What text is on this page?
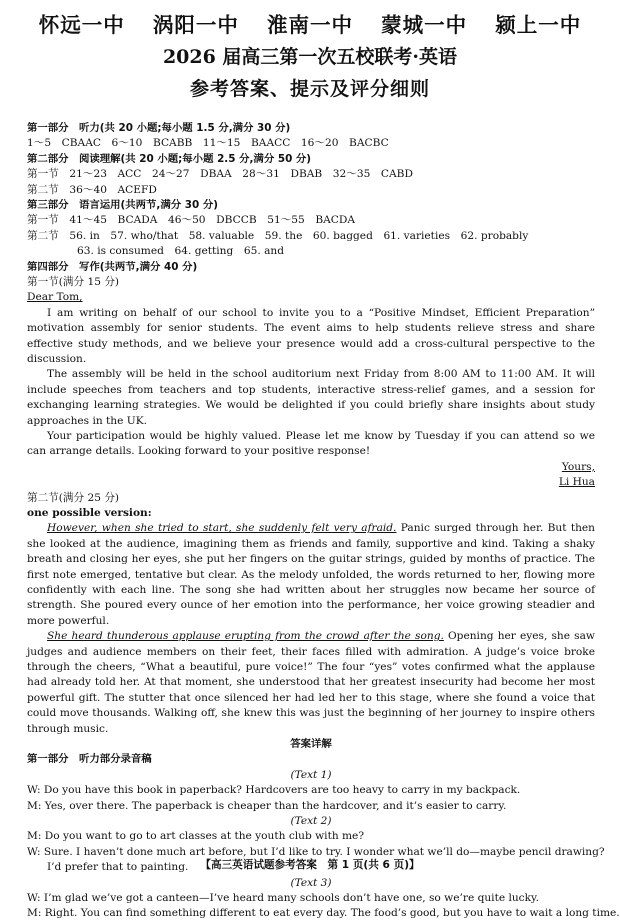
怀远一中 涡阳一中 淮南一中 蒙城一中 颍上一中
2026 届高三第一次五校联考·英语
参考答案、提示及评分细则
第一部分　听力(共 20 小题;每小题 1.5 分,满分 30 分)
1～5　CBAAC　6～10　BCABB　11～15　BAACC　16～20　BACBC
第二部分　阅读理解(共 20 小题;每小题 2.5 分,满分 50 分)
第一节　21～23　ACC　24～27　DBAA　28～31　DBAB　32～35　CABD
第二节　36～40　ACEFD
第三部分　语言运用(共两节,满分 30 分)
第一节　41～45　BCADA　46～50　DBCCB　51～55　BACDA
第二节　56. in　57. who/that　58. valuable　59. the　60. bagged　61. varieties　62. probably
63. is consumed　64. getting　65. and
第四部分　写作(共两节,满分 40 分)
第一节(满分 15 分)
Dear Tom,
I am writing on behalf of our school to invite you to a “Positive Mindset, Efficient Preparation” motivation assembly for senior students. The event aims to help students relieve stress and share effective study methods, and we believe your presence would add a cross-cultural perspective to the discussion.
The assembly will be held in the school auditorium next Friday from 8:00 AM to 11:00 AM. It will include speeches from teachers and top students, interactive stress-relief games, and a session for exchanging learning strategies. We would be delighted if you could briefly share insights about study approaches in the UK.
Your participation would be highly valued. Please let me know by Tuesday if you can attend so we can arrange details. Looking forward to your positive response!
Yours,
Li Hua
第二节(满分 25 分)
one possible version:
However, when she tried to start, she suddenly felt very afraid. Panic surged through her. But then she looked at the audience, imagining them as friends and family, supportive and kind. Taking a shaky breath and closing her eyes, she put her fingers on the guitar strings, guided by months of practice. The first note emerged, tentative but clear. As the melody unfolded, the words returned to her, flowing more confidently with each line. The song she had written about her struggles now became her source of strength. She poured every ounce of her emotion into the performance, her voice growing steadier and more powerful.
She heard thunderous applause erupting from the crowd after the song. Opening her eyes, she saw judges and audience members on their feet, their faces filled with admiration. A judge’s voice broke through the cheers, “What a beautiful, pure voice!” The four “yes” votes confirmed what the applause had already told her. At that moment, she understood that her greatest insecurity had become her most powerful gift. The stutter that once silenced her had led her to this stage, where she found a voice that could move thousands. Walking off, she knew this was just the beginning of her journey to inspire others through music.
答案详解
第一部分　听力部分录音稿
(Text 1)
W: Do you have this book in paperback? Hardcovers are too heavy to carry in my backpack.
M: Yes, over there. The paperback is cheaper than the hardcover, and it’s easier to carry.
(Text 2)
M: Do you want to go to art classes at the youth club with me?
W: Sure. I haven’t done much art before, but I’d like to try. I wonder what we’ll do—maybe pencil drawing?
I’d prefer that to painting.
(Text 3)
W: I’m glad we’ve got a canteen—I’ve heard many schools don’t have one, so we’re quite lucky.
M: Right. You can find something different to eat every day. The food’s good, but you have to wait a long time.
【高三英语试题参考答案　第 1 页(共 6 页)】
